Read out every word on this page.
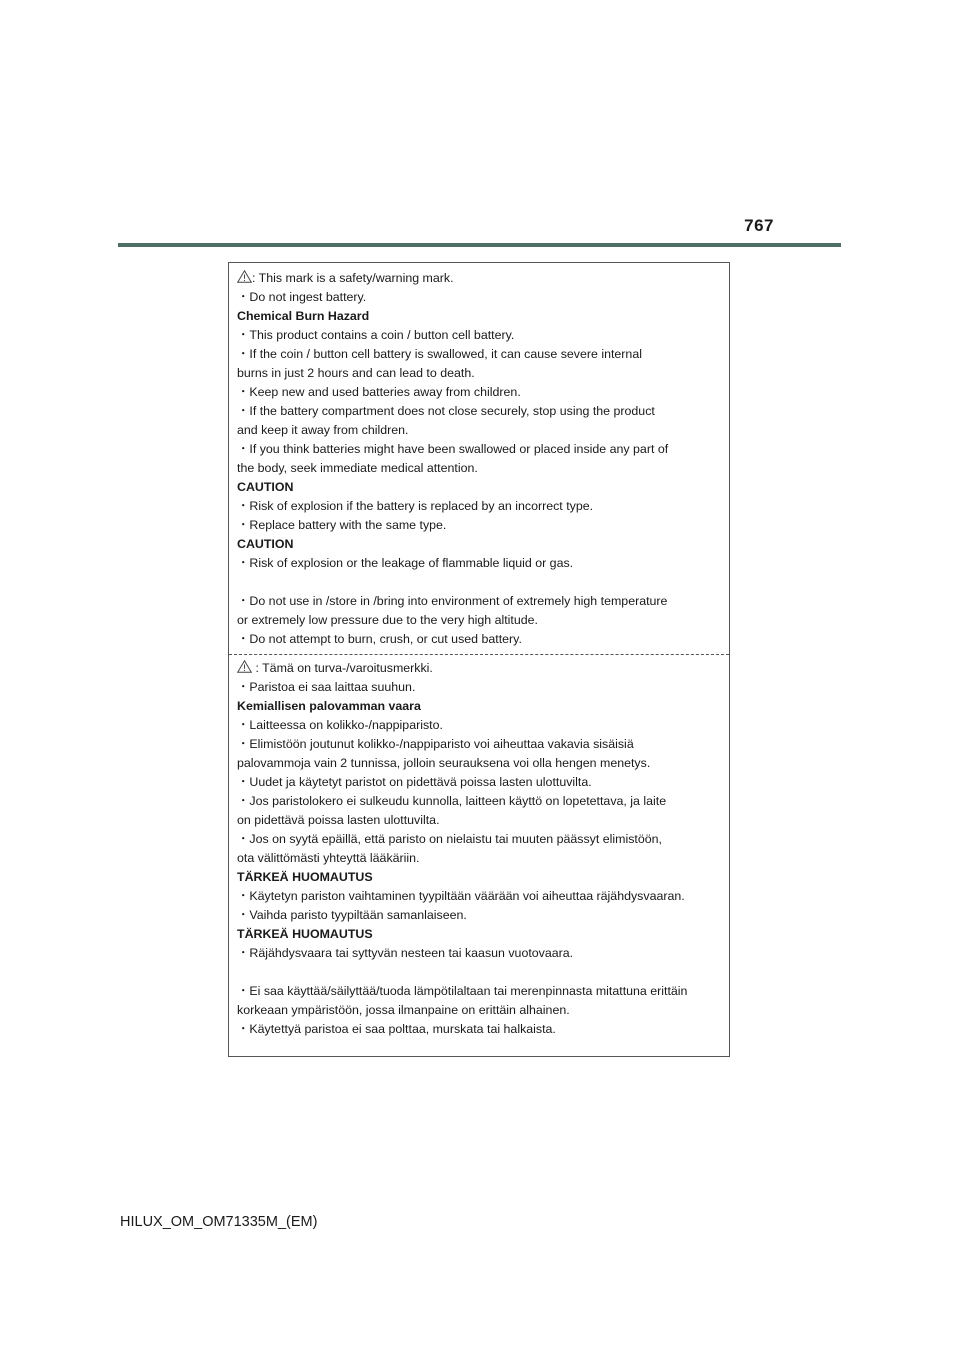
767
: This mark is a safety/warning mark.
・Do not ingest battery.
Chemical Burn Hazard
・This product contains a coin / button cell battery.
・If the coin / button cell battery is swallowed, it can cause severe internal
burns in just 2 hours and can lead to death.
・Keep new and used batteries away from children.
・If the battery compartment does not close securely, stop using the product
and keep it away from children.
・If you think batteries might have been swallowed or placed inside any part of
the body, seek immediate medical attention.
CAUTION
・Risk of explosion if the battery is replaced by an incorrect type.
・Replace battery with the same type.
CAUTION
・Risk of explosion or the leakage of flammable liquid or gas.
・Do not use in /store in /bring into environment of extremely high temperature
or extremely low pressure due to the very high altitude.
・Do not attempt to burn, crush, or cut used battery.
: Tämä on turva-/varoitusmerkki.
・Paristoa ei saa laittaa suuhun.
Kemiallisen palovamman vaara
・Laitteessa on kolikko-/nappiparisto.
・Elimistöön joutunut kolikko-/nappiparisto voi aiheuttaa vakavia sisäisiä
palovammoja vain 2 tunnissa, jolloin seurauksena voi olla hengen menetys.
・Uudet ja käytetyt paristot on pidettävä poissa lasten ulottuvilta.
・Jos paristolokero ei sulkeudu kunnolla, laitteen käyttö on lopetettava, ja laite
on pidettävä poissa lasten ulottuvilta.
・Jos on syytä epäillä, että paristo on nielaistu tai muuten päässyt elimistöön,
ota välittömästi yhteyttä lääkäriin.
TÄRKEÄ HUOMAUTUS
・Käytetyn pariston vaihtaminen tyypiltään väärään voi aiheuttaa räjähdysvaaran.
・Vaihda paristo tyypiltään samanlaiseen.
TÄRKEÄ HUOMAUTUS
・Räjähdysvaara tai syttyvän nesteen tai kaasun vuotovaara.
・Ei saa käyttää/säilyttää/tuoda lämpötilaltaan tai merenpinnasta mitattuna erittäin
korkeaan ympäristöön, jossa ilmanpaine on erittäin alhainen.
・Käytettyä paristoa ei saa polttaa, murskata tai halkaista.
HILUX_OM_OM71335M_(EM)
